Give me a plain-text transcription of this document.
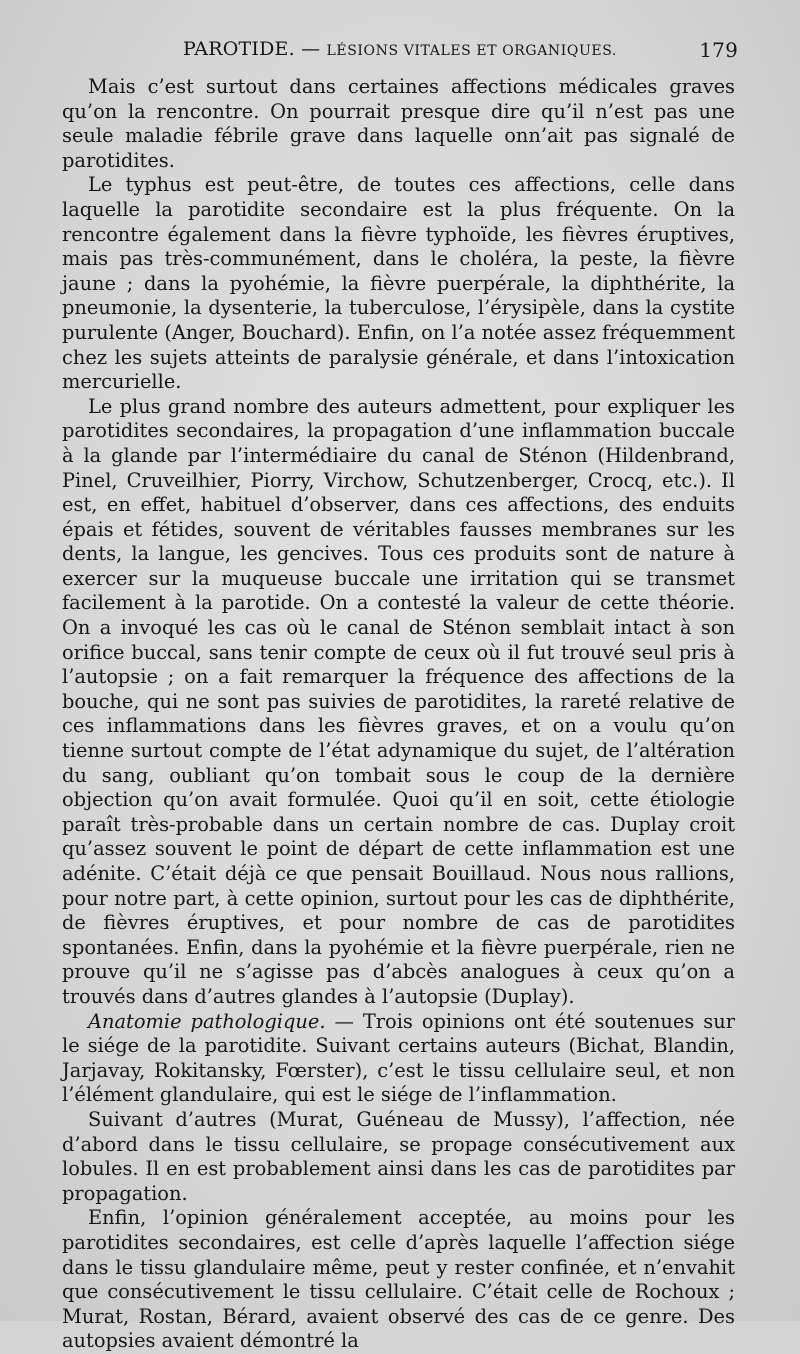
PAROTIDE. — LÉSIONS VITALES ET ORGANIQUES.	179

Mais c’est surtout dans certaines affections médicales graves qu’on la rencontre. On pourrait presque dire qu’il n’est pas une seule maladie fébrile grave dans laquelle onn’ait pas signalé de parotidites.

Le typhus est peut-être, de toutes ces affections, celle dans laquelle la parotidite secondaire est la plus fréquente. On la rencontre également dans la fièvre typhoïde, les fièvres éruptives, mais pas très-communément, dans le choléra, la peste, la fièvre jaune ; dans la pyohémie, la fièvre puerpérale, la diphthérite, la pneumonie, la dysenterie, la tuberculose, l’érysipèle, dans la cystite purulente (Anger, Bouchard). Enfin, on l’a notée assez fréquemment chez les sujets atteints de paralysie générale, et dans l’intoxication mercurielle.

Le plus grand nombre des auteurs admettent, pour expliquer les parotidites secondaires, la propagation d’une inflammation buccale à la glande par l’intermédiaire du canal de Sténon (Hildenbrand, Pinel, Cruveilhier, Piorry, Virchow, Schutzenberger, Crocq, etc.). Il est, en effet, habituel d’observer, dans ces affections, des enduits épais et fétides, souvent de véritables fausses membranes sur les dents, la langue, les gencives. Tous ces produits sont de nature à exercer sur la muqueuse buccale une irritation qui se transmet facilement à la parotide. On a contesté la valeur de cette théorie. On a invoqué les cas où le canal de Sténon semblait intact à son orifice buccal, sans tenir compte de ceux où il fut trouvé seul pris à l’autopsie ; on a fait remarquer la fréquence des affections de la bouche, qui ne sont pas suivies de parotidites, la rareté relative de ces inflammations dans les fièvres graves, et on a voulu qu’on tienne surtout compte de l’état adynamique du sujet, de l’altération du sang, oubliant qu’on tombait sous le coup de la dernière objection qu’on avait formulée. Quoi qu’il en soit, cette étiologie paraît très-probable dans un certain nombre de cas. Duplay croit qu’assez souvent le point de départ de cette inflammation est une adénite. C’était déjà ce que pensait Bouillaud. Nous nous rallions, pour notre part, à cette opinion, surtout pour les cas de diphthérite, de fièvres éruptives, et pour nombre de cas de parotidites spontanées. Enfin, dans la pyohémie et la fièvre puerpérale, rien ne prouve qu’il ne s’agisse pas d’abcès analogues à ceux qu’on a trouvés dans d’autres glandes à l’autopsie (Duplay).

Anatomie pathologique. — Trois opinions ont été soutenues sur le siége de la parotidite. Suivant certains auteurs (Bichat, Blandin, Jarjavay, Rokitansky, Fœrster), c’est le tissu cellulaire seul, et non l’élément glandulaire, qui est le siége de l’inflammation.

Suivant d’autres (Murat, Guéneau de Mussy), l’affection, née d’abord dans le tissu cellulaire, se propage consécutivement aux lobules. Il en est probablement ainsi dans les cas de parotidites par propagation.

Enfin, l’opinion généralement acceptée, au moins pour les parotidites secondaires, est celle d’après laquelle l’affection siége dans le tissu glandulaire même, peut y rester confinée, et n’envahit que consécutivement le tissu cellulaire. C’était celle de Rochoux ; Murat, Rostan, Bérard, avaient observé des cas de ce genre. Des autopsies avaient démontré la
